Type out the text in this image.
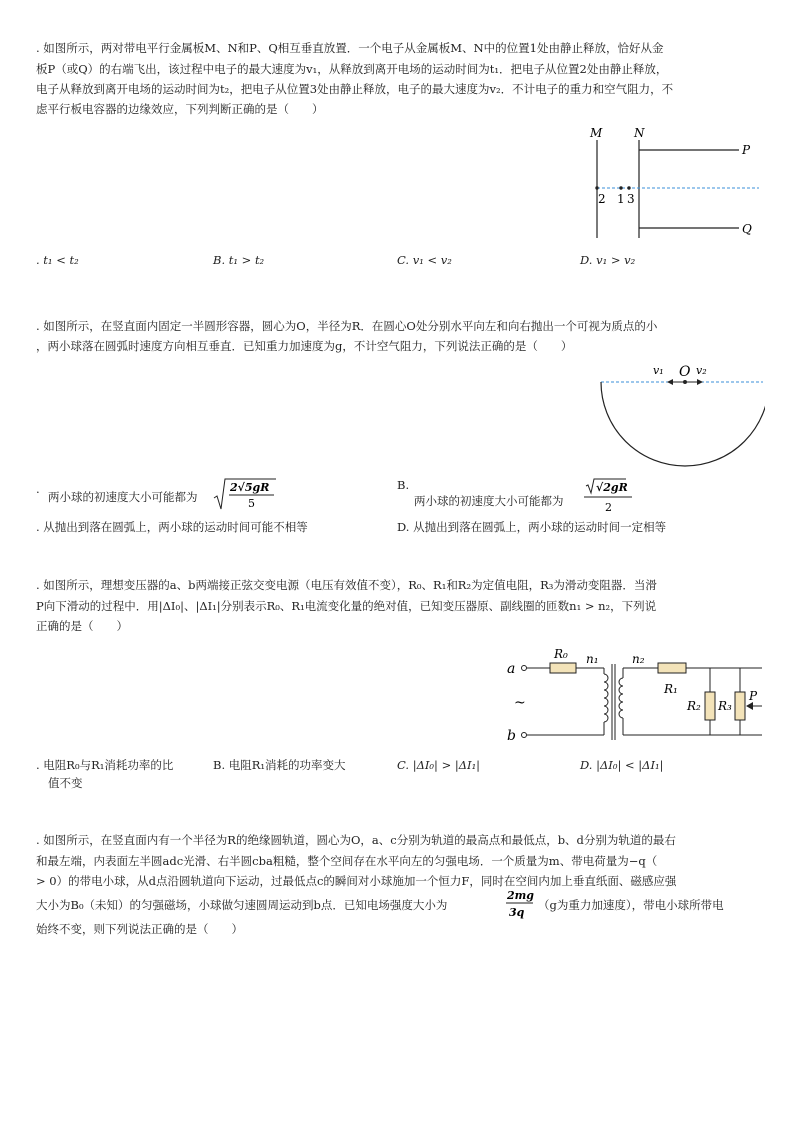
. 如图所示，两对带电平行金属板M、N和P、Q相互垂直放置．一个电子从金属板M、N中的位置1处由静止释放，恰好从金
板P（或Q）的右端飞出，该过程中电子的最大速度为v₁，从释放到离开电场的运动时间为t₁．把电子从位置2处由静止释放，
电子从释放到离开电场的运动时间为t₂，把电子从位置3处由静止释放，电子的最大速度为v₂．不计电子的重力和空气阻力，不
虑平行板电容器的边缘效应，下列判断正确的是（　　）
M	N
P
Q
2 1 3
. t₁ < t₂	B. t₁ > t₂	C. v₁ < v₂	D. v₁ > v₂
. 如图所示，在竖直面内固定一半圆形容器，圆心为O，半径为R．在圆心O处分别水平向左和向右抛出一个可视为质点的小
，两小球落在圆弧时速度方向相互垂直．已知重力加速度为g，不计空气阻力，下列说法正确的是（　　）
v₁ O v₂
.
两小球的初速度大小可能都为
2√5gR
5
B.
两小球的初速度大小可能都为
√2gR
2
. 从抛出到落在圆弧上，两小球的运动时间可能不相等	D. 从抛出到落在圆弧上，两小球的运动时间一定相等
. 如图所示，理想变压器的a、b两端接正弦交变电源（电压有效值不变），R₀、R₁和R₂为定值电阻，R₃为滑动变阻器．当滑
P向下滑动的过程中．用|ΔI₀|、|ΔI₁|分别表示R₀、R₁电流变化量的绝对值，已知变压器原、副线圈的匝数n₁ > n₂，下列说
正确的是（　　）
a
R₀ n₁	n₂
R₁
R₂ R₃
P
~
b
. 电阻R₀与R₁消耗功率的比
值不变
B. 电阻R₁消耗的功率变大	C. |ΔI₀| > |ΔI₁|	D. |ΔI₀| < |ΔI₁|
. 如图所示，在竖直面内有一个半径为R的绝缘圆轨道，圆心为O，a、c分别为轨道的最高点和最低点，b、d分别为轨道的最右
和最左端，内表面左半圆adc光滑、右半圆cba粗糙，整个空间存在水平向左的匀强电场．一个质量为m、带电荷量为−q（
> 0）的带电小球，从d点沿圆轨道向下运动，过最低点c的瞬间对小球施加一个恒力F，同时在空间内加上垂直纸面、磁感应强
大小为B₀（未知）的匀强磁场，小球做匀速圆周运动到b点．已知电场强度大小为
2mg
3q
（g为重力加速度），带电小球所带电
始终不变，则下列说法正确的是（　　）
